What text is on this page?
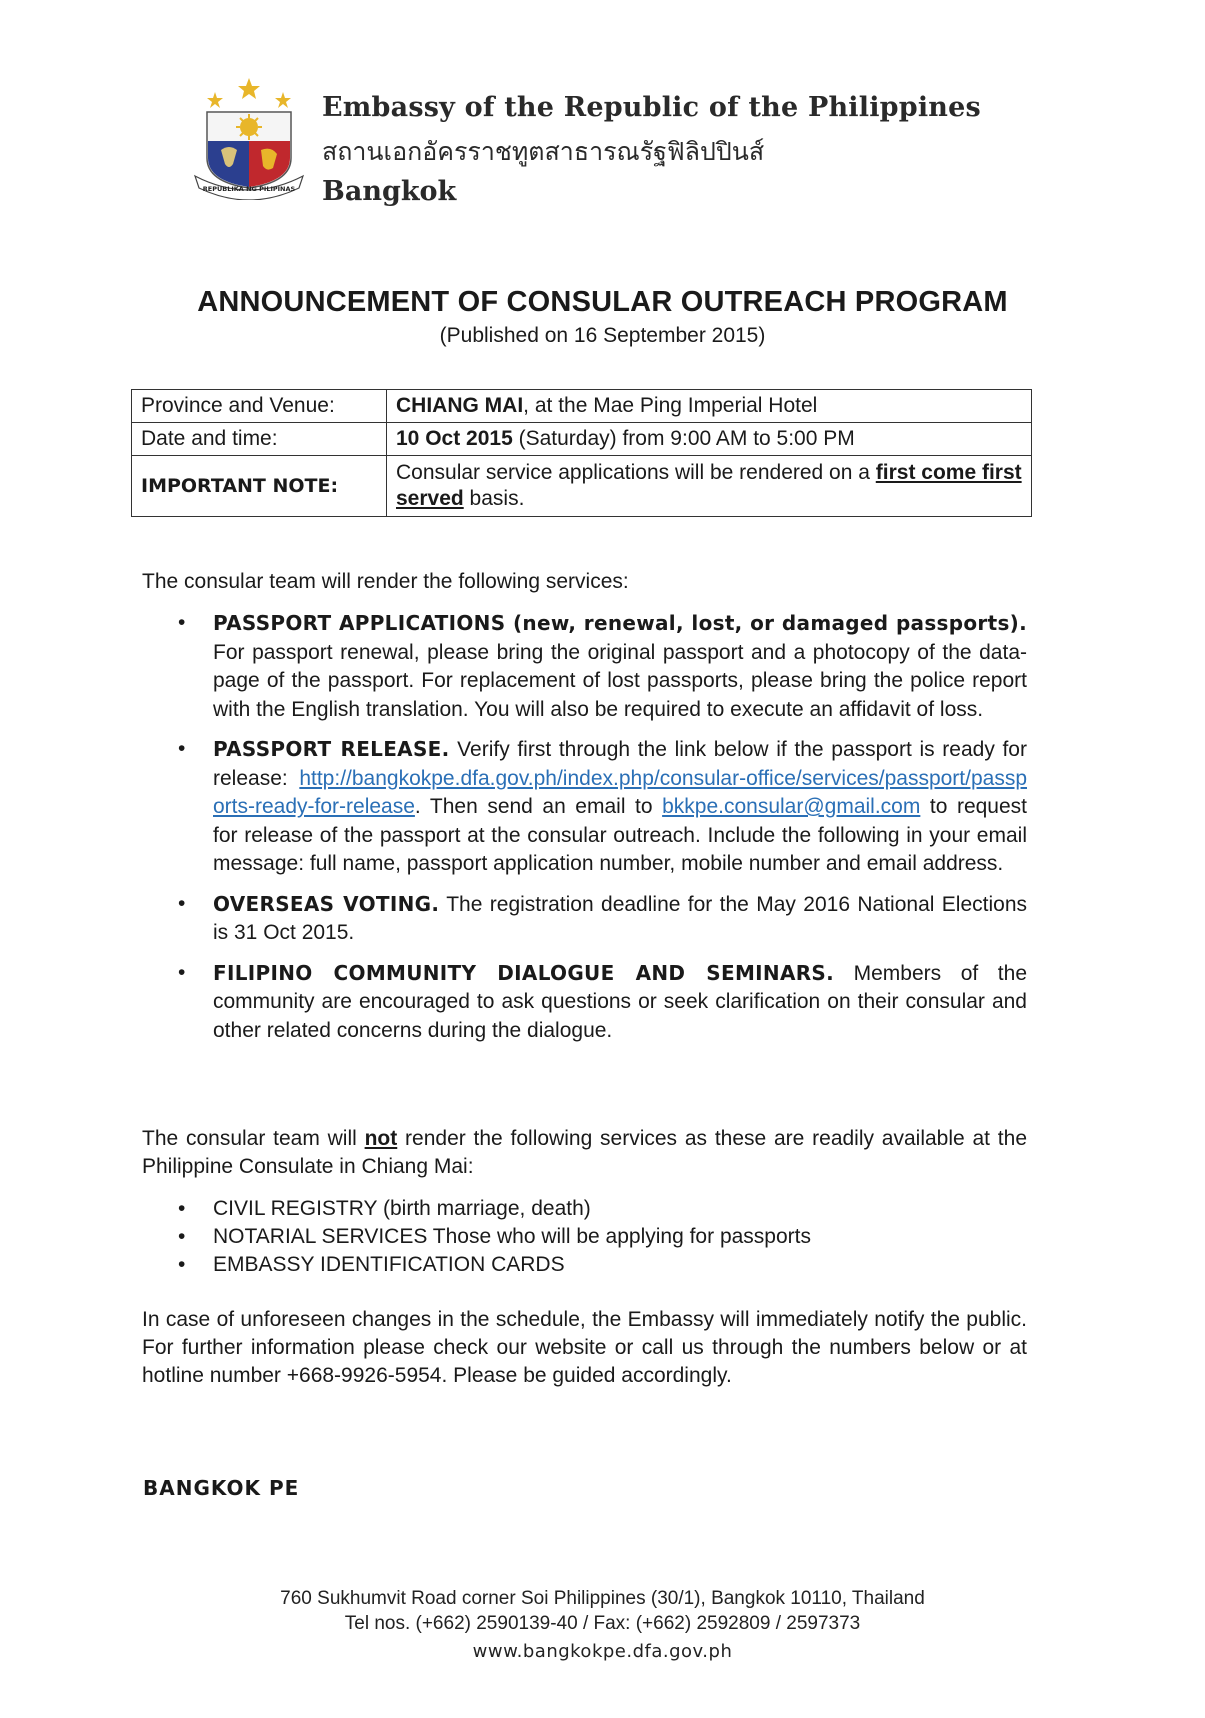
REPUBLIKA NG PILIPINAS
Embassy of the Republic of the Philippines
สถานเอกอัครราชทูตสาธารณรัฐฟิลิปปินส์
Bangkok
ANNOUNCEMENT OF CONSULAR OUTREACH PROGRAM
(Published on 16 September 2015)
Province and Venue:	CHIANG MAI, at the Mae Ping Imperial Hotel
Date and time:	10 Oct 2015 (Saturday) from 9:00 AM to 5:00 PM
IMPORTANT NOTE:	Consular service applications will be rendered on a first come first served basis.
The consular team will render the following services:
• PASSPORT APPLICATIONS (new, renewal, lost, or damaged passports). For passport renewal, please bring the original passport and a photocopy of the data-page of the passport. For replacement of lost passports, please bring the police report with the English translation. You will also be required to execute an affidavit of loss.
• PASSPORT RELEASE. Verify first through the link below if the passport is ready for release: http://bangkokpe.dfa.gov.ph/index.php/consular-office/services/passport/passports-ready-for-release. Then send an email to bkkpe.consular@gmail.com to request for release of the passport at the consular outreach. Include the following in your email message: full name, passport application number, mobile number and email address.
• OVERSEAS VOTING. The registration deadline for the May 2016 National Elections is 31 Oct 2015.
• FILIPINO COMMUNITY DIALOGUE AND SEMINARS. Members of the community are encouraged to ask questions or seek clarification on their consular and other related concerns during the dialogue.
The consular team will not render the following services as these are readily available at the Philippine Consulate in Chiang Mai:
• CIVIL REGISTRY (birth marriage, death)
• NOTARIAL SERVICES Those who will be applying for passports
• EMBASSY IDENTIFICATION CARDS
In case of unforeseen changes in the schedule, the Embassy will immediately notify the public. For further information please check our website or call us through the numbers below or at hotline number +668-9926-5954. Please be guided accordingly.
BANGKOK PE
760 Sukhumvit Road corner Soi Philippines (30/1), Bangkok 10110, Thailand
Tel nos. (+662) 2590139-40 / Fax: (+662) 2592809 / 2597373
www.bangkokpe.dfa.gov.ph
